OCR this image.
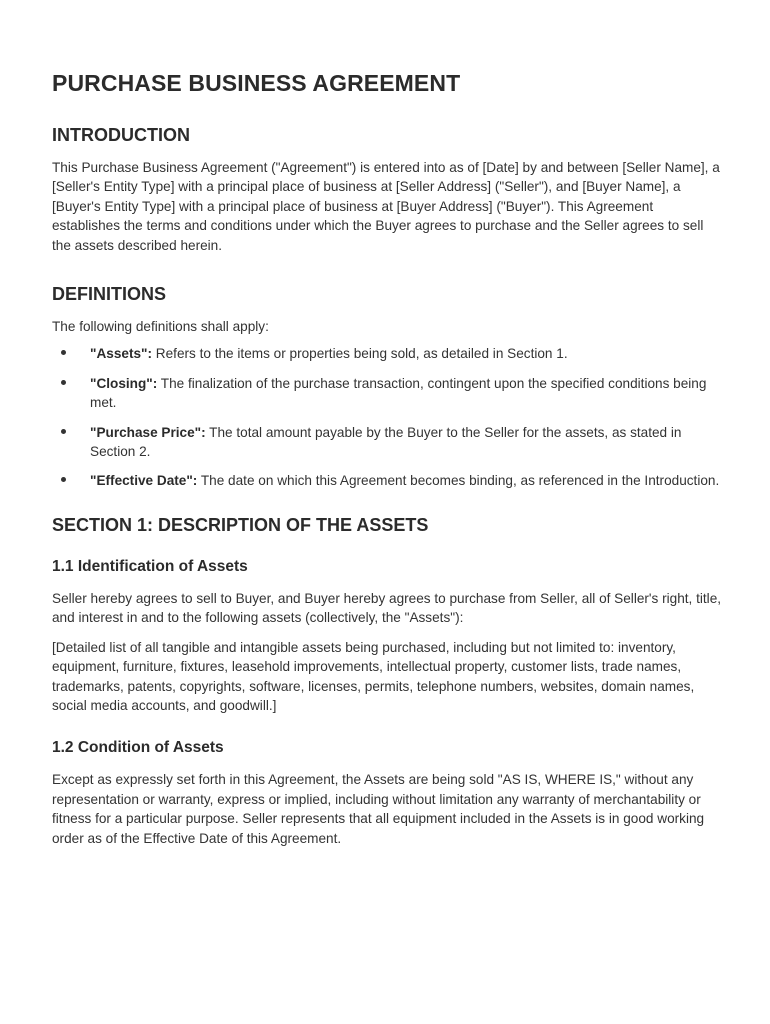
PURCHASE BUSINESS AGREEMENT
INTRODUCTION

This Purchase Business Agreement ("Agreement") is entered into as of [Date] by and between [Seller Name], a [Seller's Entity Type] with a principal place of business at [Seller Address] ("Seller"), and [Buyer Name], a [Buyer's Entity Type] with a principal place of business at [Buyer Address] ("Buyer"). This Agreement establishes the terms and conditions under which the Buyer agrees to purchase and the Seller agrees to sell the assets described herein.

DEFINITIONS

The following definitions shall apply:

"Assets": Refers to the items or properties being sold, as detailed in Section 1.
"Closing": The finalization of the purchase transaction, contingent upon the specified conditions being met.
"Purchase Price": The total amount payable by the Buyer to the Seller for the assets, as stated in Section 2.
"Effective Date": The date on which this Agreement becomes binding, as referenced in the Introduction.
SECTION 1: DESCRIPTION OF THE ASSETS
1.1 Identification of Assets

Seller hereby agrees to sell to Buyer, and Buyer hereby agrees to purchase from Seller, all of Seller's right, title, and interest in and to the following assets (collectively, the "Assets"):

[Detailed list of all tangible and intangible assets being purchased, including but not limited to: inventory, equipment, furniture, fixtures, leasehold improvements, intellectual property, customer lists, trade names, trademarks, patents, copyrights, software, licenses, permits, telephone numbers, websites, domain names, social media accounts, and goodwill.]

1.2 Condition of Assets

Except as expressly set forth in this Agreement, the Assets are being sold "AS IS, WHERE IS," without any representation or warranty, express or implied, including without limitation any warranty of merchantability or fitness for a particular purpose. Seller represents that all equipment included in the Assets is in good working order as of the Effective Date of this Agreement.
